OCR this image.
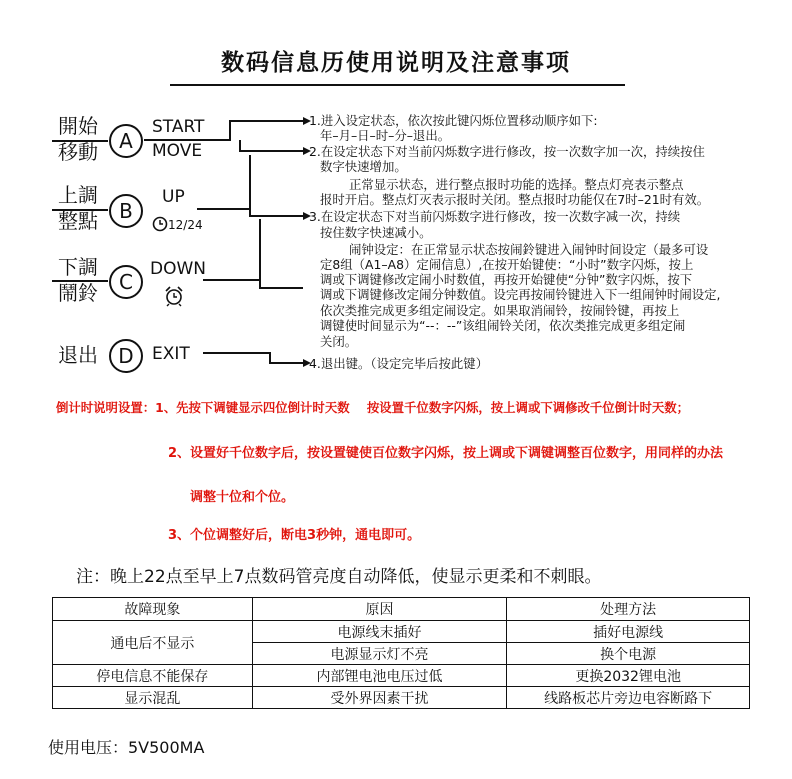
数码信息历使用说明及注意事项
開始
移動	A
START
MOVE
上調
整點	B
UP
12/24
下調
鬧鈴	C
DOWN
退出	D	EXIT
1.进入设定状态，依次按此键闪烁位置移动顺序如下:
年–月–日–时–分–退出。
2.在设定状态下对当前闪烁数字进行修改，按一次数字加一次，持续按住
数字快速增加。
正常显示状态，进行整点报时功能的选择。整点灯亮表示整点
报时开启。整点灯灭表示报时关闭。整点报时功能仅在7时–21时有效。
3.在设定状态下对当前闪烁数字进行修改，按一次数字减一次，持续
按住数字快速减小。
闹钟设定：在正常显示状态按闹鈴键进入闹钟时间设定（最多可设
定8组（A1–A8）定闹信息）,在按开始键使：“小时”数字闪烁，按上
调或下调键修改定闹小时数值，再按开始键使“分钟”数字闪烁，按下
调或下调键修改定闹分钟数值。设完再按闹铃键进入下一组闹钟时闹设定,
依次类推完成更多组定闹设定。如果取消闹铃，按闹铃键，再按上
调键使时间显示为“--：--”该组闹铃关闭，依次类推完成更多组定闹
关闭。
4.退出键。（设定完毕后按此键）
倒计时说明设置：1、先按下调键显示四位倒计时天数    按设置千位数字闪烁，按上调或下调修改千位倒计时天数；
2、设置好千位数字后，按设置键使百位数字闪烁，按上调或下调键调整百位数字，用同样的办法
调整十位和个位。
3、个位调整好后，断电3秒钟，通电即可。
注：晚上22点至早上7点数码管亮度自动降低，使显示更柔和不刺眼。
故障现象	原因	处理方法
通电后不显示	电源线末插好	插好电源线
	电源显示灯不亮	换个电源
停电信息不能保存	内部锂电池电压过低	更换2032锂电池
显示混乱	受外界因素干扰	线路板芯片旁边电容断路下
使用电压：5V500MA
